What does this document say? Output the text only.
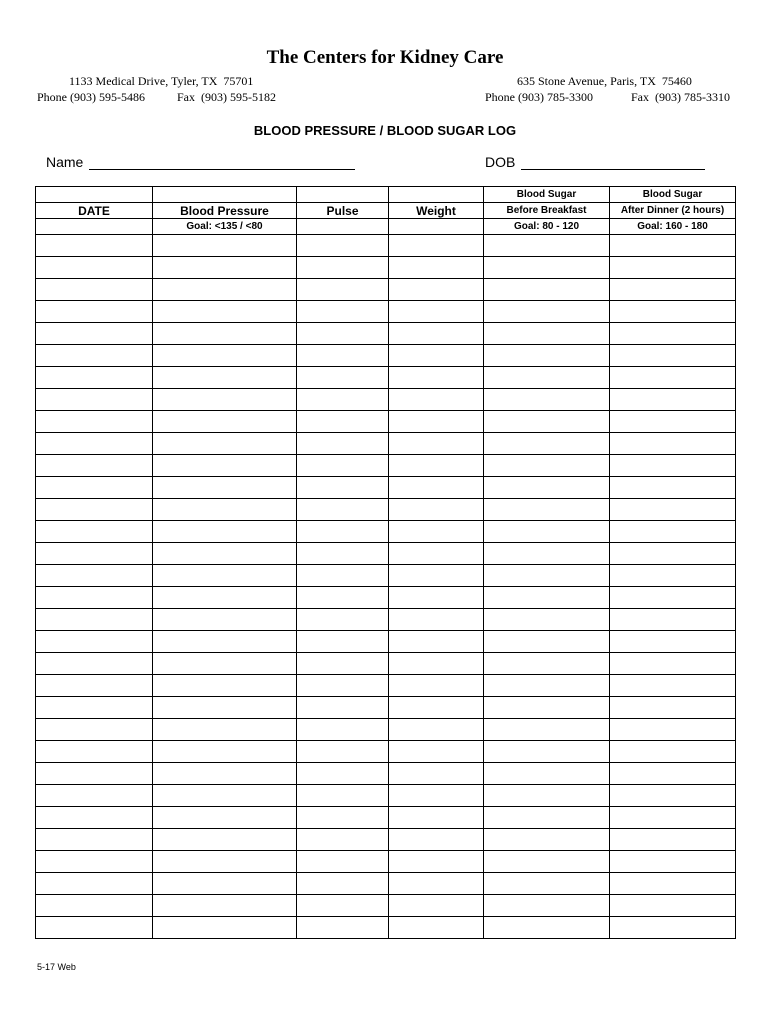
The Centers for Kidney Care
1133 Medical Drive, Tyler, TX  75701
Phone (903) 595-5486	Fax  (903) 595-5182
635 Stone Avenue, Paris, TX  75460
Phone (903) 785-3300	Fax  (903) 785-3310
BLOOD PRESSURE / BLOOD SUGAR LOG
Name	DOB
				Blood Sugar	Blood Sugar
DATE	Blood Pressure	Pulse	Weight	Before Breakfast	After Dinner (2 hours)
	Goal: <135 / <80			Goal: 80 - 120	Goal: 160 - 180

5-17 Web
